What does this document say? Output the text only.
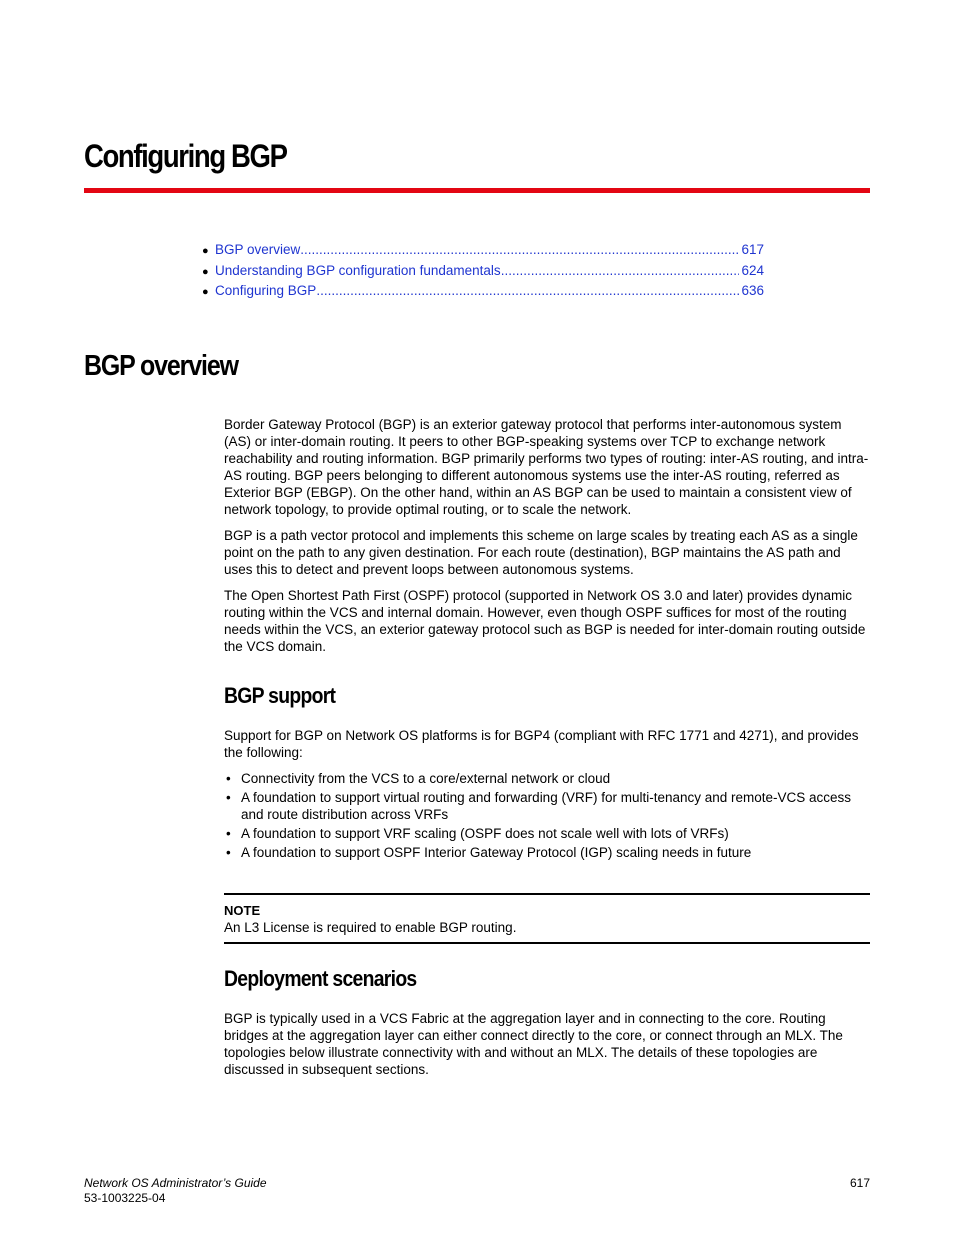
Configuring BGP
● BGP overview .....	617
● Understanding BGP configuration fundamentals .....	624
● Configuring BGP .....	636
BGP overview

Border Gateway Protocol (BGP) is an exterior gateway protocol that performs inter-autonomous system (AS) or inter-domain routing. It peers to other BGP-speaking systems over TCP to exchange network reachability and routing information. BGP primarily performs two types of routing: inter-AS routing, and intra-AS routing. BGP peers belonging to different autonomous systems use the inter-AS routing, referred as Exterior BGP (EBGP). On the other hand, within an AS BGP can be used to maintain a consistent view of network topology, to provide optimal routing, or to scale the network.

BGP is a path vector protocol and implements this scheme on large scales by treating each AS as a single point on the path to any given destination. For each route (destination), BGP maintains the AS path and uses this to detect and prevent loops between autonomous systems.

The Open Shortest Path First (OSPF) protocol (supported in Network OS 3.0 and later) provides dynamic routing within the VCS and internal domain. However, even though OSPF suffices for most of the routing needs within the VCS, an exterior gateway protocol such as BGP is needed for inter-domain routing outside the VCS domain.

BGP support

Support for BGP on Network OS platforms is for BGP4 (compliant with RFC 1771 and 4271), and provides the following:

• Connectivity from the VCS to a core/external network or cloud
• A foundation to support virtual routing and forwarding (VRF) for multi-tenancy and remote-VCS access and route distribution across VRFs
• A foundation to support VRF scaling (OSPF does not scale well with lots of VRFs)
• A foundation to support OSPF Interior Gateway Protocol (IGP) scaling needs in future
NOTE
An L3 License is required to enable BGP routing.
Deployment scenarios

BGP is typically used in a VCS Fabric at the aggregation layer and in connecting to the core. Routing bridges at the aggregation layer can either connect directly to the core, or connect through an MLX. The topologies below illustrate connectivity with and without an MLX. The details of these topologies are discussed in subsequent sections.

Network OS Administrator’s Guide
53-1003225-04
617
